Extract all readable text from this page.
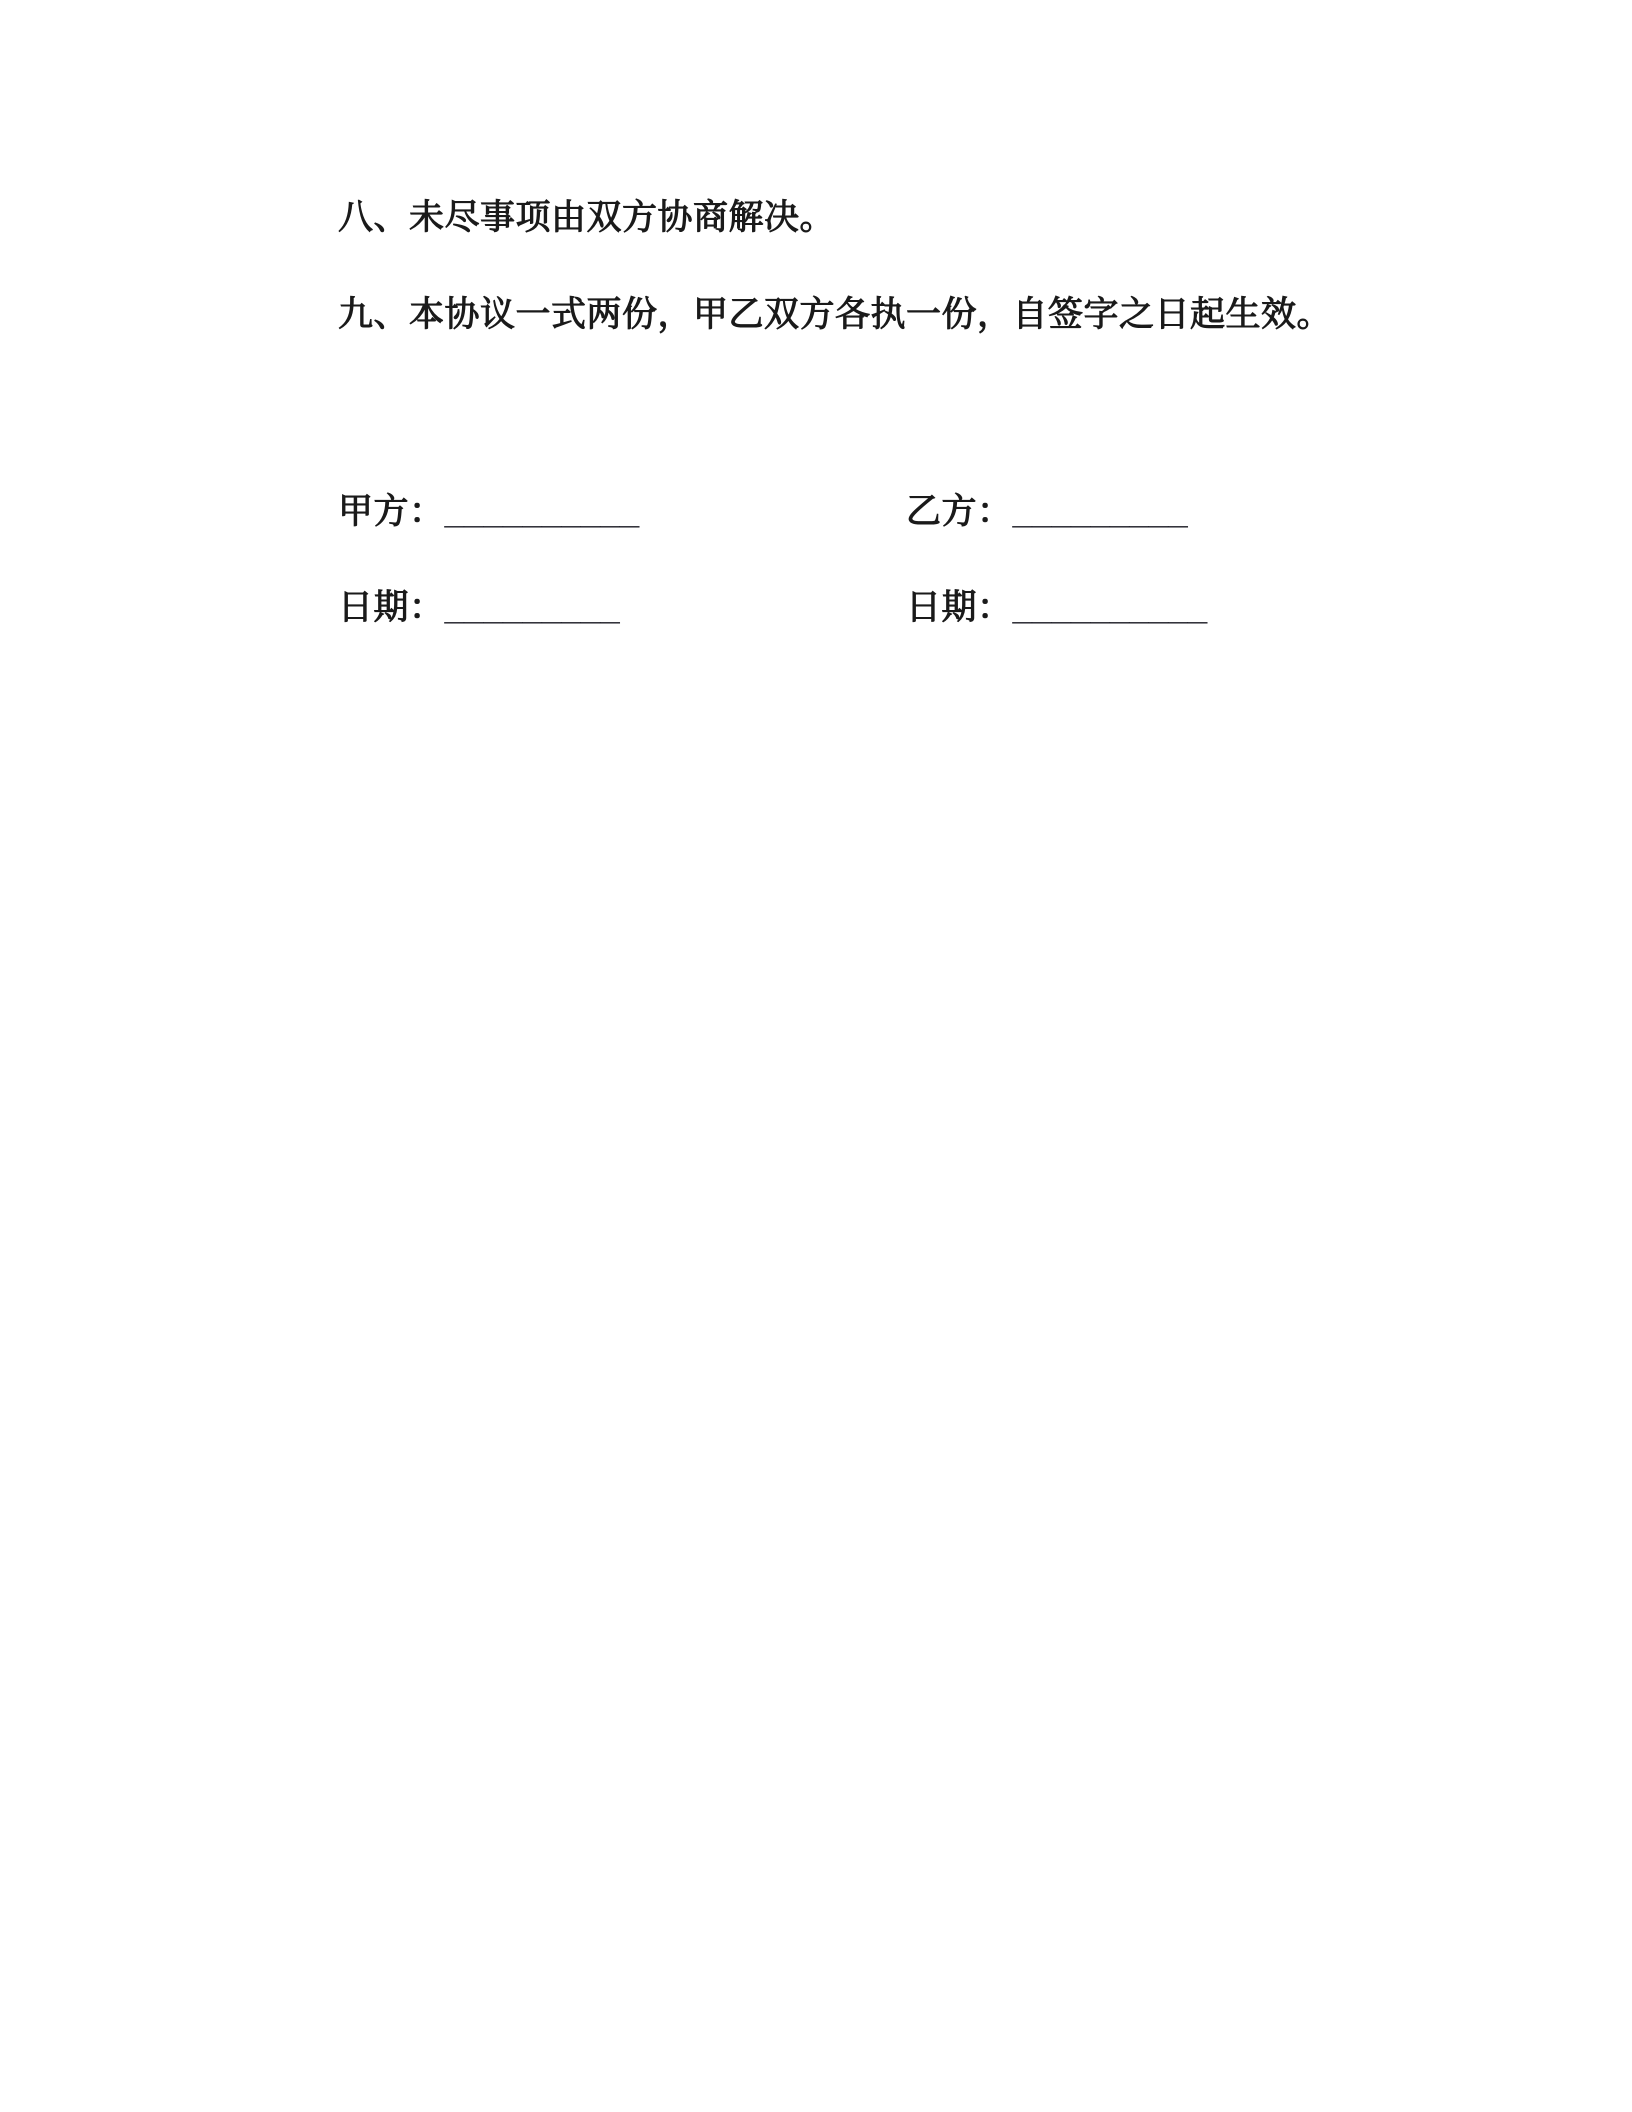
八、未尽事项由双方协商解决。

九、本协议一式两份，甲乙双方各执一份，自签字之日起生效。

甲方：__________	乙方：_________
日期：_________	日期：__________
